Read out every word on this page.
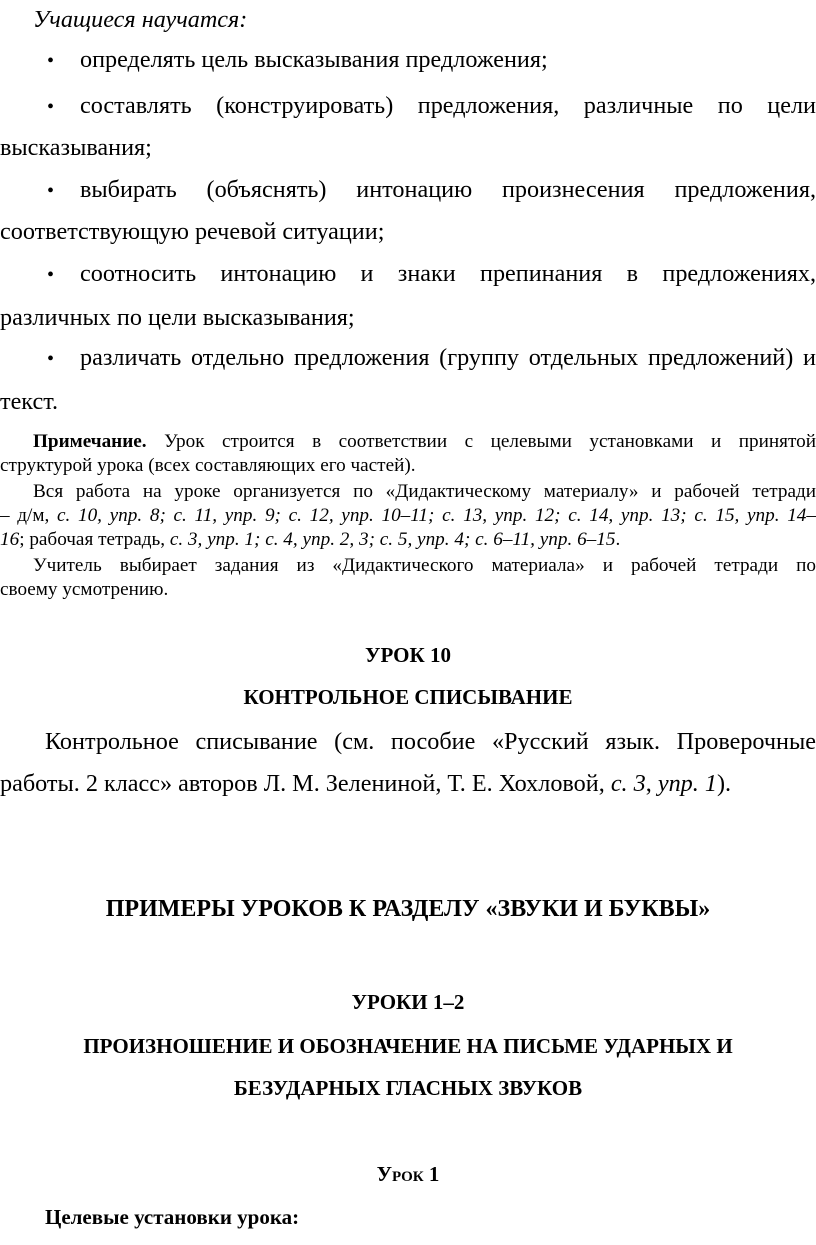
Учащиеся научатся:
• определять цель высказывания предложения;
• составлять (конструировать) предложения, различные по цели
высказывания;
• выбирать (объяснять) интонацию произнесения предложения,
соответствующую речевой ситуации;
• соотносить интонацию и знаки препинания в предложениях,
различных по цели высказывания;
• различать отдельно предложения (группу отдельных предложений) и
текст.
Примечание. Урок строится в соответствии с целевыми установками и принятой
структурой урока (всех составляющих его частей).
Вся работа на уроке организуется по «Дидактическому материалу» и рабочей тетради
– д/м, с. 10, упр. 8; с. 11, упр. 9; с. 12, упр. 10–11; с. 13, упр. 12; с. 14, упр. 13; с. 15, упр. 14–
16; рабочая тетрадь, с. 3, упр. 1; с. 4, упр. 2, 3; с. 5, упр. 4; с. 6–11, упр. 6–15.
Учитель выбирает задания из «Дидактического материала» и рабочей тетради по
своему усмотрению.
УРОК 10
КОНТРОЛЬНОЕ СПИСЫВАНИЕ
Контрольное списывание (см. пособие «Русский язык. Проверочные
работы. 2 класс» авторов Л. М. Зелениной, Т. Е. Хохловой, с. 3, упр. 1).
ПРИМЕРЫ УРОКОВ К РАЗДЕЛУ «ЗВУКИ И БУКВЫ»
УРОКИ 1–2
ПРОИЗНОШЕНИЕ И ОБОЗНАЧЕНИЕ НА ПИСЬМЕ УДАРНЫХ И
БЕЗУДАРНЫХ ГЛАСНЫХ ЗВУКОВ
Урок 1
Целевые установки урока:
